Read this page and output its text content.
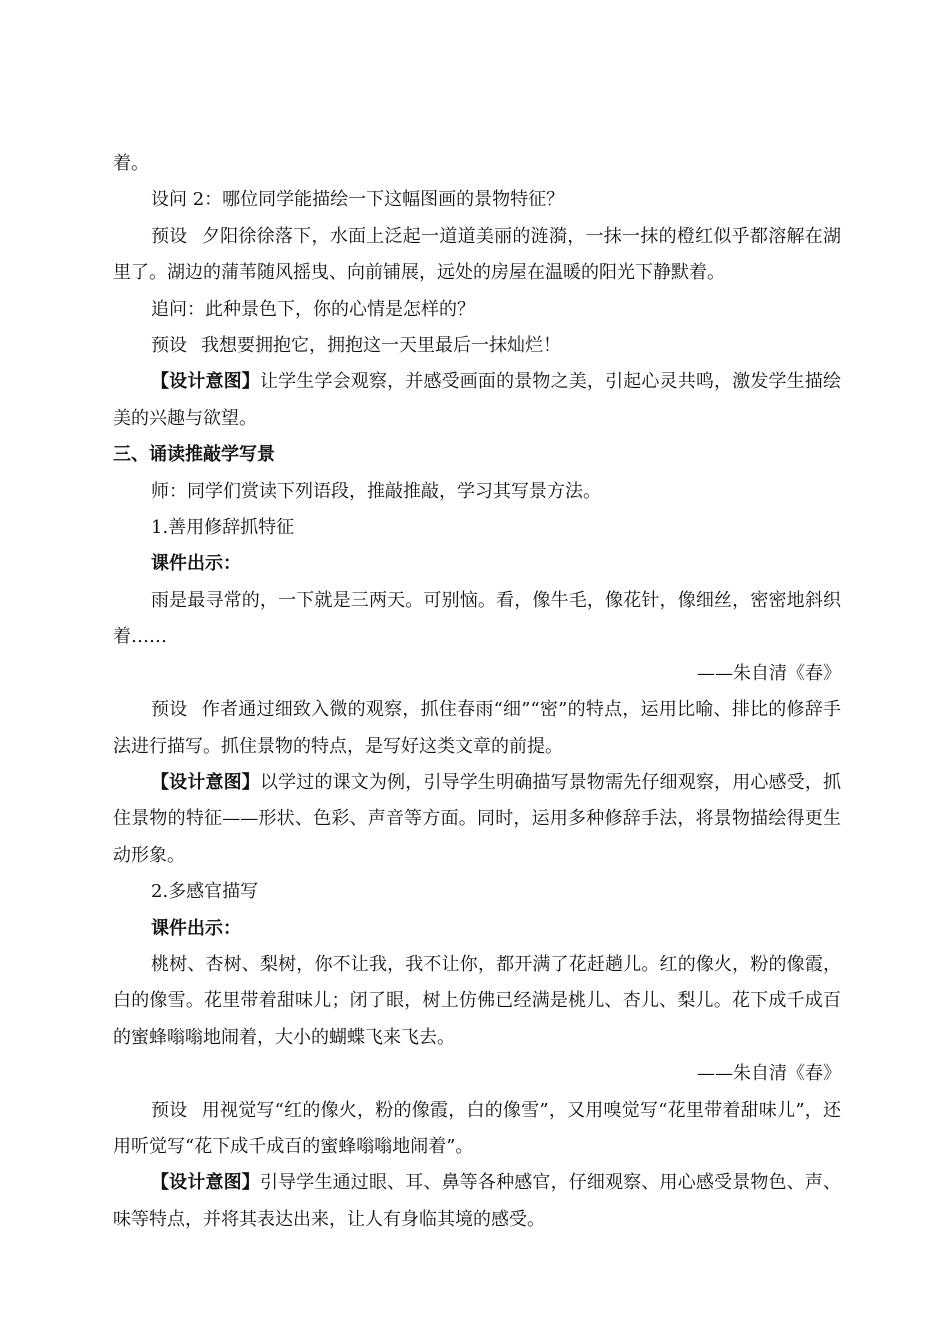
着。

设问 2：哪位同学能描绘一下这幅图画的景物特征？

预设 夕阳徐徐落下，水面上泛起一道道美丽的涟漪，一抹一抹的橙红似乎都溶解在湖里了。湖边的蒲苇随风摇曳、向前铺展，远处的房屋在温暖的阳光下静默着。

追问：此种景色下，你的心情是怎样的？

预设 我想要拥抱它，拥抱这一天里最后一抹灿烂！

【设计意图】让学生学会观察，并感受画面的景物之美，引起心灵共鸣，激发学生描绘美的兴趣与欲望。

三、诵读推敲学写景

师：同学们赏读下列语段，推敲推敲，学习其写景方法。

1.善用修辞抓特征

课件出示：

雨是最寻常的，一下就是三两天。可别恼。看，像牛毛，像花针，像细丝，密密地斜织着……

——朱自清《春》

预设 作者通过细致入微的观察，抓住春雨“细”“密”的特点，运用比喻、排比的修辞手法进行描写。抓住景物的特点，是写好这类文章的前提。

【设计意图】以学过的课文为例，引导学生明确描写景物需先仔细观察，用心感受，抓住景物的特征——形状、色彩、声音等方面。同时，运用多种修辞手法，将景物描绘得更生动形象。

2.多感官描写

课件出示：

桃树、杏树、梨树，你不让我，我不让你，都开满了花赶趟儿。红的像火，粉的像霞，白的像雪。花里带着甜味儿；闭了眼，树上仿佛已经满是桃儿、杏儿、梨儿。花下成千成百的蜜蜂嗡嗡地闹着，大小的蝴蝶飞来飞去。

——朱自清《春》

预设 用视觉写“红的像火，粉的像霞，白的像雪”，又用嗅觉写“花里带着甜味儿”，还用听觉写“花下成千成百的蜜蜂嗡嗡地闹着”。

【设计意图】引导学生通过眼、耳、鼻等各种感官，仔细观察、用心感受景物色、声、味等特点，并将其表达出来，让人有身临其境的感受。
